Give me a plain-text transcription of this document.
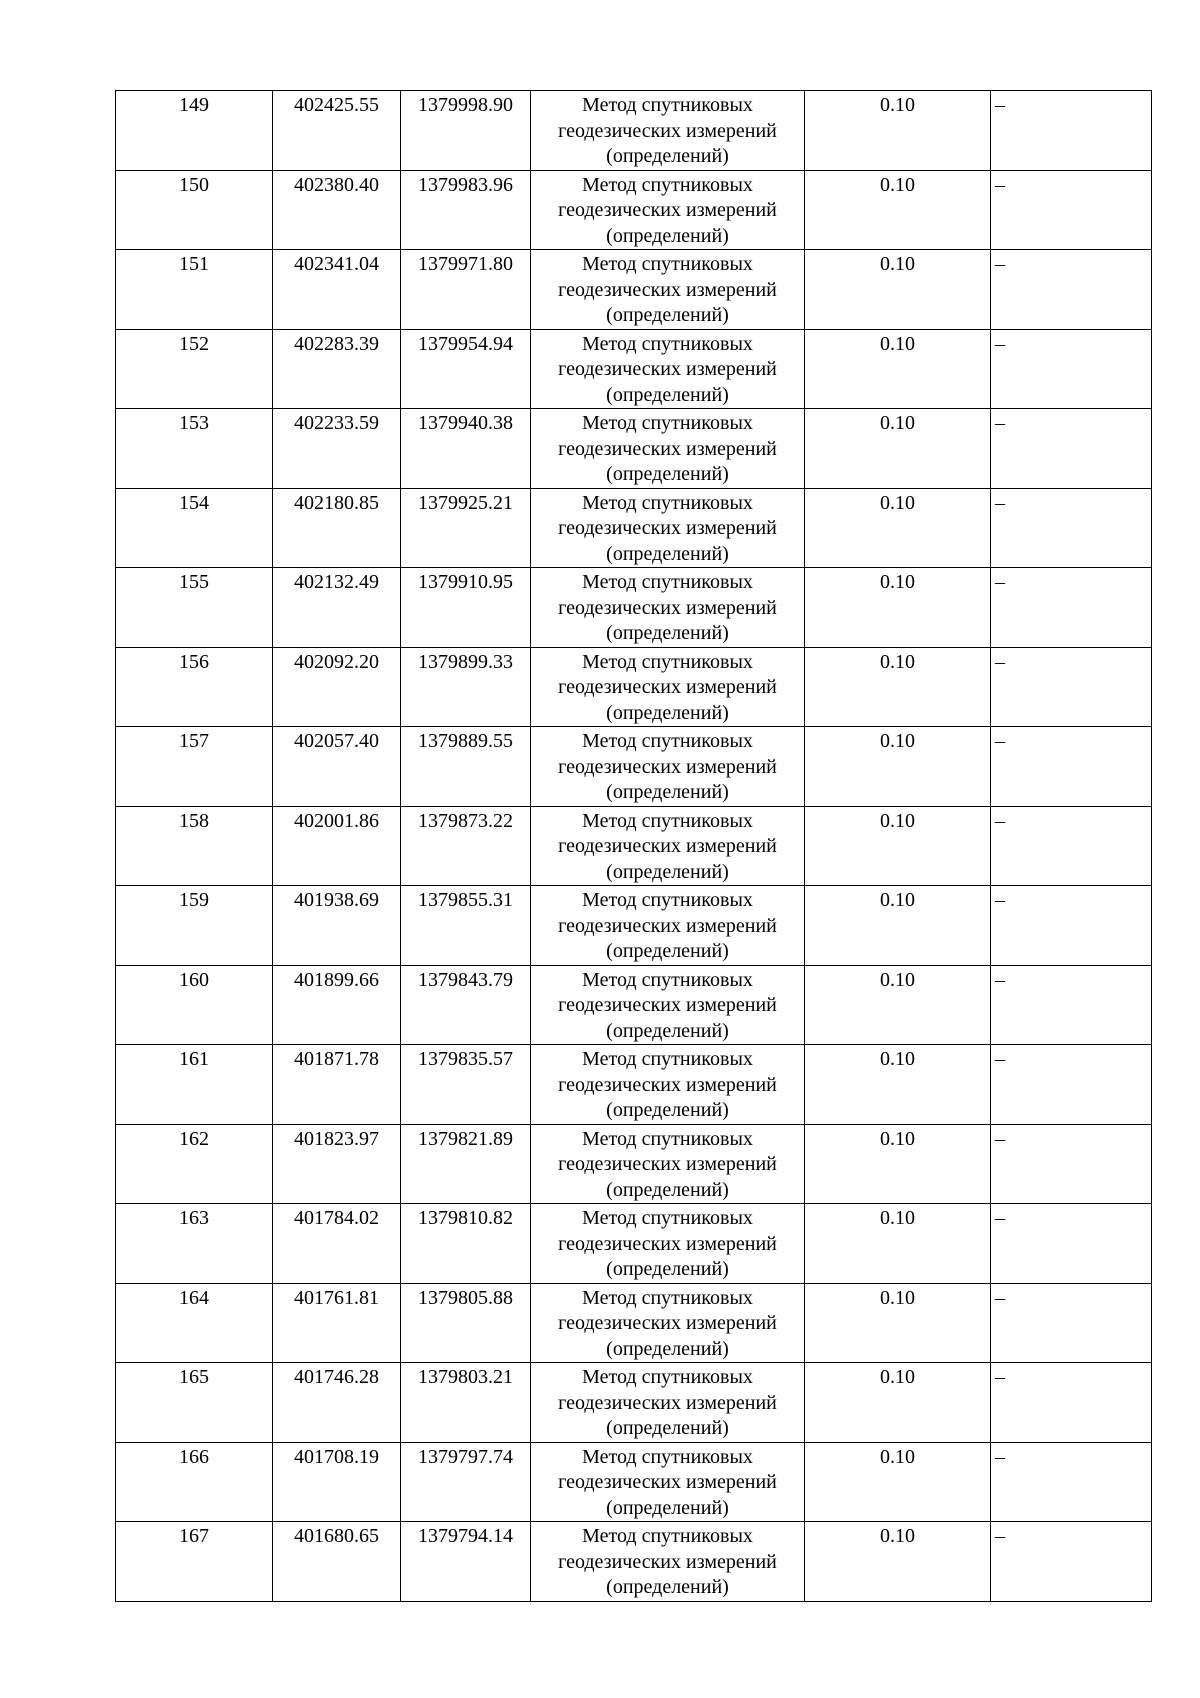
149	402425.55	1379998.90	Метод спутниковых
геодезических измерений
(определений)	0.10	–
150	402380.40	1379983.96	Метод спутниковых
геодезических измерений
(определений)	0.10	–
151	402341.04	1379971.80	Метод спутниковых
геодезических измерений
(определений)	0.10	–
152	402283.39	1379954.94	Метод спутниковых
геодезических измерений
(определений)	0.10	–
153	402233.59	1379940.38	Метод спутниковых
геодезических измерений
(определений)	0.10	–
154	402180.85	1379925.21	Метод спутниковых
геодезических измерений
(определений)	0.10	–
155	402132.49	1379910.95	Метод спутниковых
геодезических измерений
(определений)	0.10	–
156	402092.20	1379899.33	Метод спутниковых
геодезических измерений
(определений)	0.10	–
157	402057.40	1379889.55	Метод спутниковых
геодезических измерений
(определений)	0.10	–
158	402001.86	1379873.22	Метод спутниковых
геодезических измерений
(определений)	0.10	–
159	401938.69	1379855.31	Метод спутниковых
геодезических измерений
(определений)	0.10	–
160	401899.66	1379843.79	Метод спутниковых
геодезических измерений
(определений)	0.10	–
161	401871.78	1379835.57	Метод спутниковых
геодезических измерений
(определений)	0.10	–
162	401823.97	1379821.89	Метод спутниковых
геодезических измерений
(определений)	0.10	–
163	401784.02	1379810.82	Метод спутниковых
геодезических измерений
(определений)	0.10	–
164	401761.81	1379805.88	Метод спутниковых
геодезических измерений
(определений)	0.10	–
165	401746.28	1379803.21	Метод спутниковых
геодезических измерений
(определений)	0.10	–
166	401708.19	1379797.74	Метод спутниковых
геодезических измерений
(определений)	0.10	–
167	401680.65	1379794.14	Метод спутниковых
геодезических измерений
(определений)	0.10	–
